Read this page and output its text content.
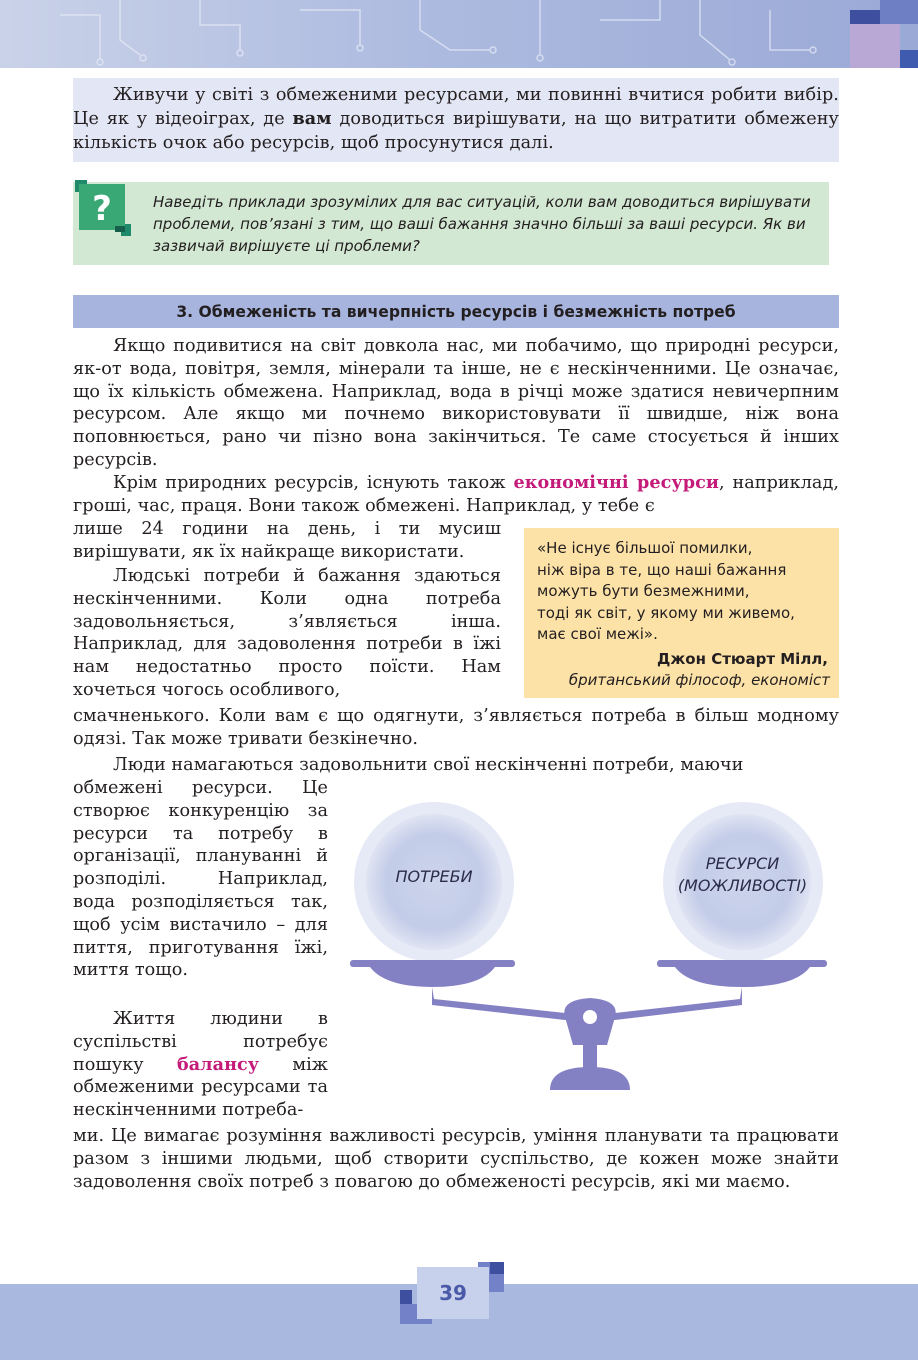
Живучи у світі з обмеженими ресурсами, ми повинні вчитися робити вибір. Це як у відеоіграх, де вам доводиться вирішувати, на що витратити обмежену кількість очок або ресурсів, щоб просунутися далі.
?	Наведіть приклади зрозумілих для вас ситуацій, коли вам доводиться вирішувати проблеми, пов’язані з тим, що ваші бажання значно більші за ваші ресурси. Як ви зазвичай вирішуєте ці проблеми?
3. Обмеженість та вичерпність ресурсів і безмежність потреб
Якщо подивитися на світ довкола нас, ми побачимо, що природні ресурси, як-от вода, повітря, земля, мінерали та інше, не є нескінченними. Це означає, що їх кількість обмежена. Наприклад, вода в річці може здатися невичерпним ресурсом. Але якщо ми почнемо використовувати її швидше, ніж вона поповнюється, рано чи пізно вона закінчиться. Те саме стосується й інших ресурсів.
Крім природних ресурсів, існують також економічні ресурси, наприклад, гроші, час, праця. Вони також обмежені. Наприклад, у тебе є
лише 24 години на день, і ти мусиш вирішувати, як їх найкраще використати.
Людські потреби й бажання здаються нескінченними. Коли одна потреба задовольняється, з’являється інша. Наприклад, для задоволення потреби в їжі нам недостатньо просто поїсти. Нам хочеться чогось особливого,
смачненького. Коли вам є що одягнути, з’являється потреба в більш модному одязі. Так може тривати безкінечно.
«Не існує більшої помилки,
ніж віра в те, що наші бажання
можуть бути безмежними,
тоді як світ, у якому ми живемо,
має свої межі».
Джон Стюарт Мілл,
британський філософ, економіст
Люди намагаються задовольнити свої нескінченні потреби, маючи
обмежені ресурси. Це створює конкуренцію за ресурси та потребу в організації, плануванні й розподілі. Наприклад, вода розподіляється так, щоб усім вистачило – для пиття, приготування їжі, миття тощо.
Життя людини в суспільстві потребує пошуку балансу між обмеженими ресурсами та нескінченними потреба-
ми. Це вимагає розуміння важливості ресурсів, уміння планувати та працювати разом з іншими людьми, щоб створити суспільство, де кожен може знайти задоволення своїх потреб з повагою до обмеженості ресурсів, які ми маємо.
ПОТРЕБИ
РЕСУРСИ
(МОЖЛИВОСТІ)
39
